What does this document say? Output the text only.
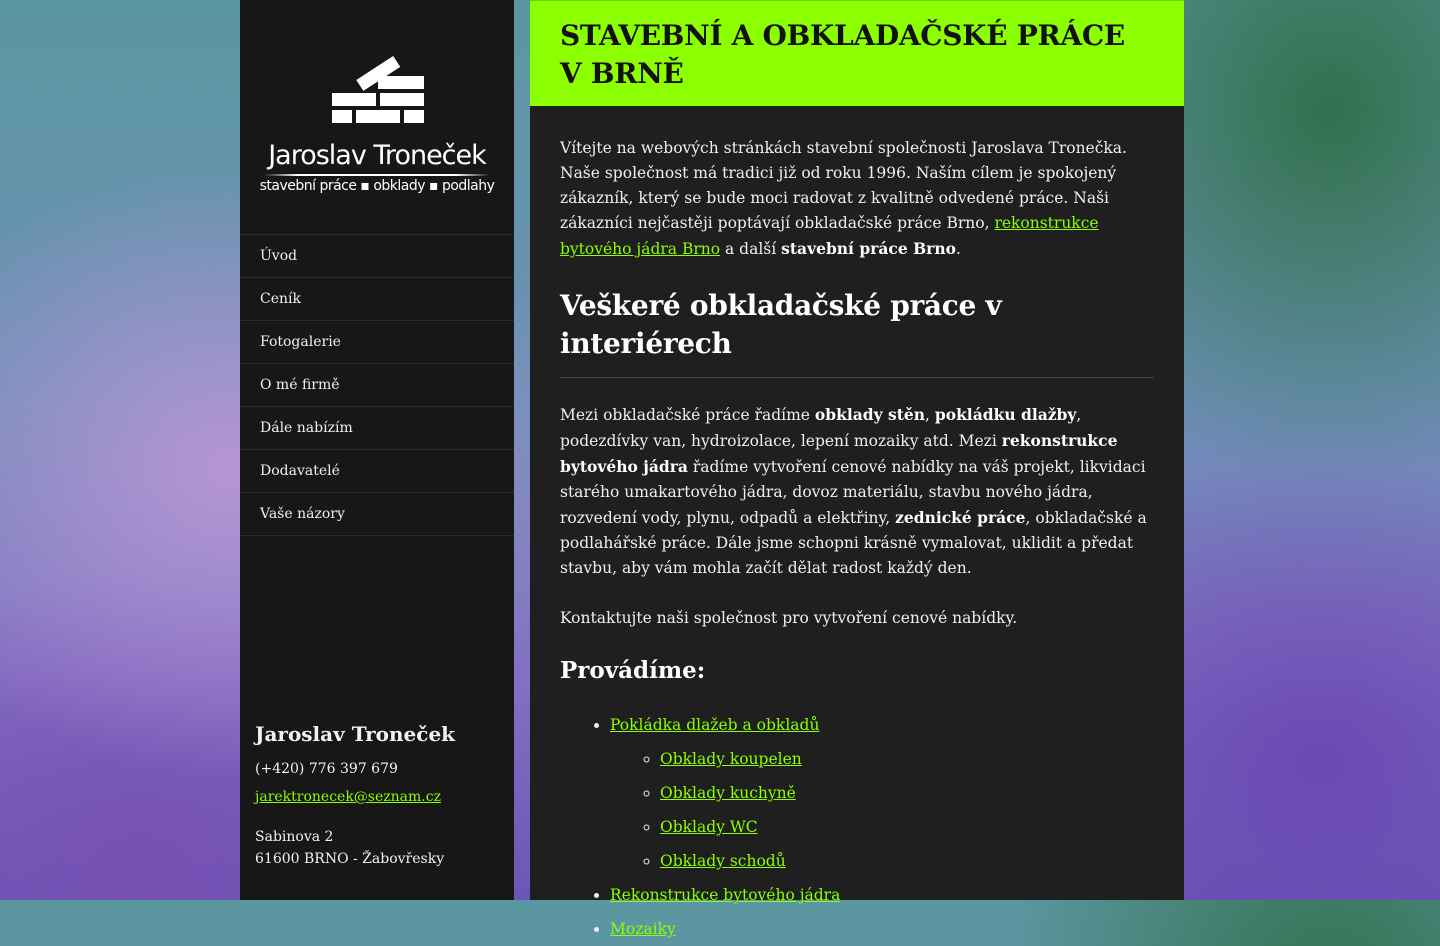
Jaroslav Troneček
stavební práce ▪ obklady ▪ podlahy
Úvod
Ceník
Fotogalerie
O mé firmě
Dále nabízím
Dodavatelé
Vaše názory
Jaroslav Troneček
(+420) 776 397 679
jarektronecek@seznam.cz
Sabinova 2
61600 BRNO - Žabovřesky
STAVEBNÍ A OBKLADAČSKÉ PRÁCE V BRNĚ

Vítejte na webových stránkách stavební společnosti Jaroslava Tronečka. Naše společnost má tradici již od roku 1996. Naším cílem je spokojený zákazník, který se bude moci radovat z kvalitně odvedené práce. Naši zákazníci nejčastěji poptávají obkladačské práce Brno, rekonstrukce bytového jádra Brno a další stavební práce Brno.

Veškeré obkladačské práce v interiérech

Mezi obkladačské práce řadíme obklady stěn, pokládku dlažby, podezdívky van, hydroizolace, lepení mozaiky atd. Mezi rekonstrukce bytového jádra řadíme vytvoření cenové nabídky na váš projekt, likvidaci starého umakartového jádra, dovoz materiálu, stavbu nového jádra, rozvedení vody, plynu, odpadů a elektřiny, zednické práce, obkladačské a podlahářské práce. Dále jsme schopni krásně vymalovat, uklidit a předat stavbu, aby vám mohla začít dělat radost každý den.

Kontaktujte naši společnost pro vytvoření cenové nabídky.

Provádíme:
• Pokládka dlažeb a obkladů
◦ Obklady koupelen
◦ Obklady kuchyně
◦ Obklady WC
◦ Obklady schodů
• Rekonstrukce bytového jádra
• Mozaiky
